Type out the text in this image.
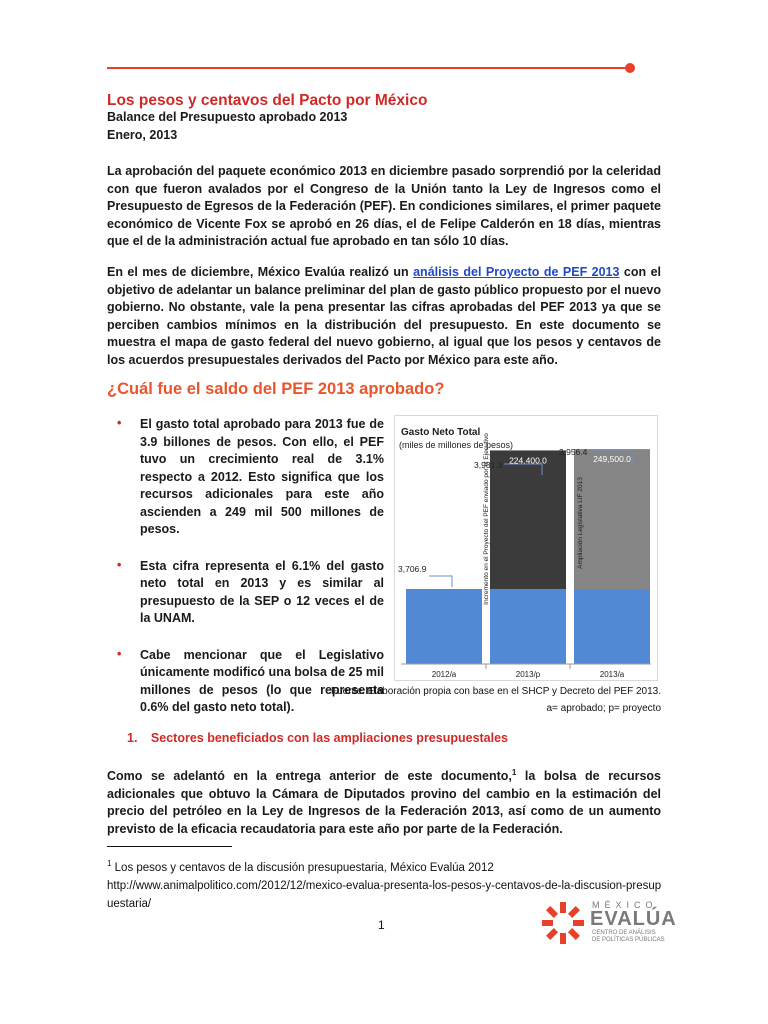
Los pesos y centavos del Pacto por México
Balance del Presupuesto aprobado 2013
Enero, 2013
La aprobación del paquete económico 2013 en diciembre pasado sorprendió por la celeridad con que fueron avalados por el Congreso de la Unión tanto la Ley de Ingresos como el Presupuesto de Egresos de la Federación (PEF). En condiciones similares, el primer paquete económico de Vicente Fox se aprobó en 26 días, el de Felipe Calderón en 18 días, mientras que el de la administración actual fue aprobado en tan sólo 10 días.
En el mes de diciembre, México Evalúa realizó un análisis del Proyecto de PEF 2013 con el objetivo de adelantar un balance preliminar del plan de gasto público propuesto por el nuevo gobierno. No obstante, vale la pena presentar las cifras aprobadas del PEF 2013 ya que se perciben cambios mínimos en la distribución del presupuesto. En este documento se muestra el mapa de gasto federal del nuevo gobierno, al igual que los pesos y centavos de los acuerdos presupuestales derivados del Pacto por México para este año.
¿Cuál fue el saldo del PEF 2013 aprobado?
• El gasto total aprobado para 2013 fue de 3.9 billones de pesos. Con ello, el PEF tuvo un crecimiento real de 3.1% respecto a 2012. Esto significa que los recursos adicionales para este año ascienden a 249 mil 500 millones de pesos.
• Esta cifra representa el 6.1% del gasto neto total en 2013 y es similar al presupuesto de la SEP o 12 veces el de la UNAM.
• Cabe mencionar que el Legislativo únicamente modificó una bolsa de 25 mil millones de pesos (lo que representa 0.6% del gasto neto total).
Gasto Neto Total
(miles de millones de pesos)
3,706.9
2012/a
224,400.0
3,931.3
2013/p
249,500.0
3,956.4
2013/a
Incremento en el Proyecto del PEF enviado por el Ejecutivo	Ampliación Legislativa LIF 2013
Fuente: Elaboración propia con base en el SHCP y Decreto del PEF 2013.
a= aprobado; p= proyecto
1. Sectores beneficiados con las ampliaciones presupuestales
Como se adelantó en la entrega anterior de este documento,$^1$ la bolsa de recursos adicionales que obtuvo la Cámara de Diputados provino del cambio en la estimación del precio del petróleo en la Ley de Ingresos de la Federación 2013, así como de un aumento previsto de la eficacia recaudatoria para este año por parte de la Federación.
$^1$ Los pesos y centavos de la discusión presupuestaria, México Evalúa 2012
http://www.animalpolitico.com/2012/12/mexico-evalua-presenta-los-pesos-y-centavos-de-la-discusion-presupuestaria/
1
MÉXICO
EVALÚA
CENTRO DE ANÁLISIS
DE POLÍTICAS PÚBLICAS
